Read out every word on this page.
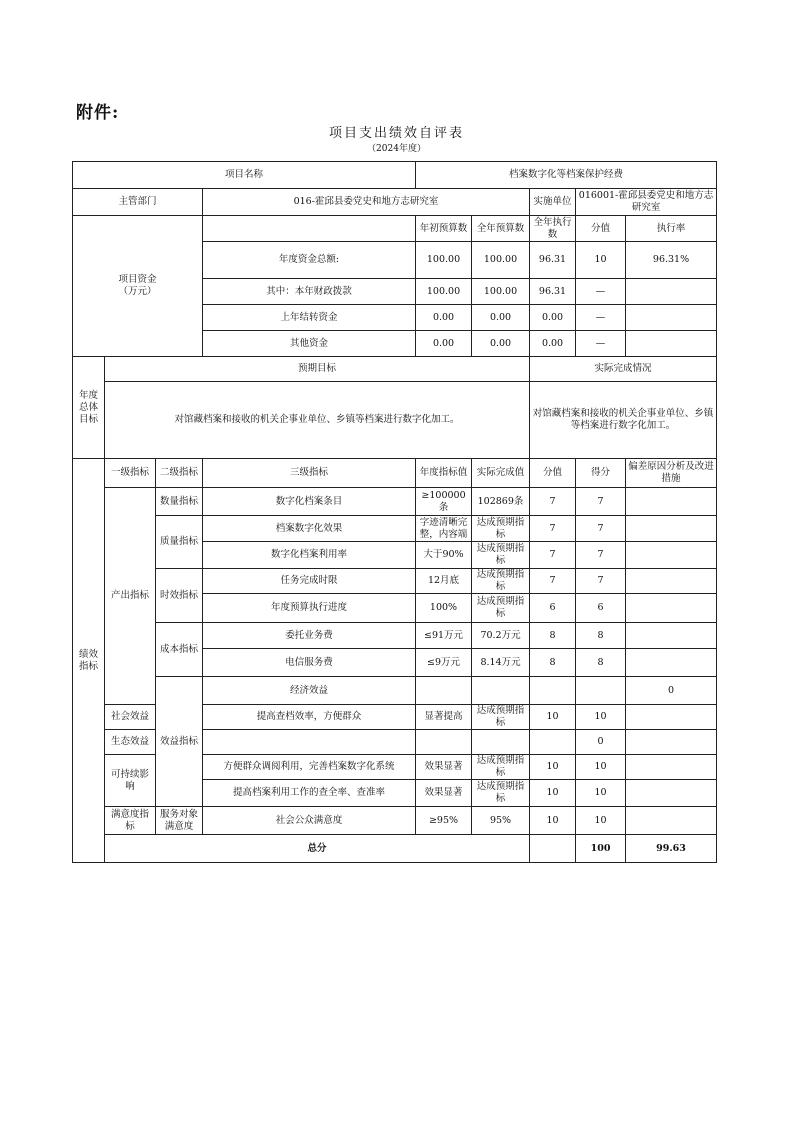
附件:
项目支出绩效自评表
（2024年度）
项目名称				档案数字化等档案保护经费					
主管部门			016-霍邱县委党史和地方志研究室			实施单位	016001-霍邱县委党史和地方志研究室		
项目资金
（万元）				年初预算数	全年预算数	全年执行数	分值	执行率	
			年度资金总额:	100.00	100.00	96.31	10	96.31%	
			其中：本年财政拨款	100.00	100.00	96.31	—		
			上年结转资金	0.00	0.00	0.00	—		
			其他资金	0.00	0.00	0.00	—		
年度总体目标	预期目标					实际完成情况			
	对馆藏档案和接收的机关企事业单位、乡镇等档案进行数字化加工。					对馆藏档案和接收的机关企事业单位、乡镇等档案进行数字化加工。			
绩效指标	一级指标	二级指标	三级指标	年度指标值	实际完成值	分值	得分	偏差原因分析及改进措施	
	产出指标	数量指标	数字化档案条目	≥100000条	102869条	7	7		
		质量指标	档案数字化效果	字迹清晰完整，内容端	达成预期指标	7	7		
			数字化档案利用率	大于90%	达成预期指标	7	7		
		时效指标	任务完成时限	12月底	达成预期指标	7	7		
			年度预算执行进度	100%	达成预期指标	6	6		
		成本指标	委托业务费	≤91万元	70.2万元	8	8		
			电信服务费	≤9万元	8.14万元	8	8		
		效益指标	经济效益					0	
	社会效益		提高查档效率，方便群众	显著提高	达成预期指标	10	10		
	生态效益						0		
	可持续影响		方便群众调阅利用，完善档案数字化系统	效果显著	达成预期指标	10	10		
			提高档案利用工作的查全率、查准率	效果显著	达成预期指标	10	10		
	满意度指标	服务对象满意度	社会公众满意度	≥95%	95%	10	10		
	总分						100	99.63	
